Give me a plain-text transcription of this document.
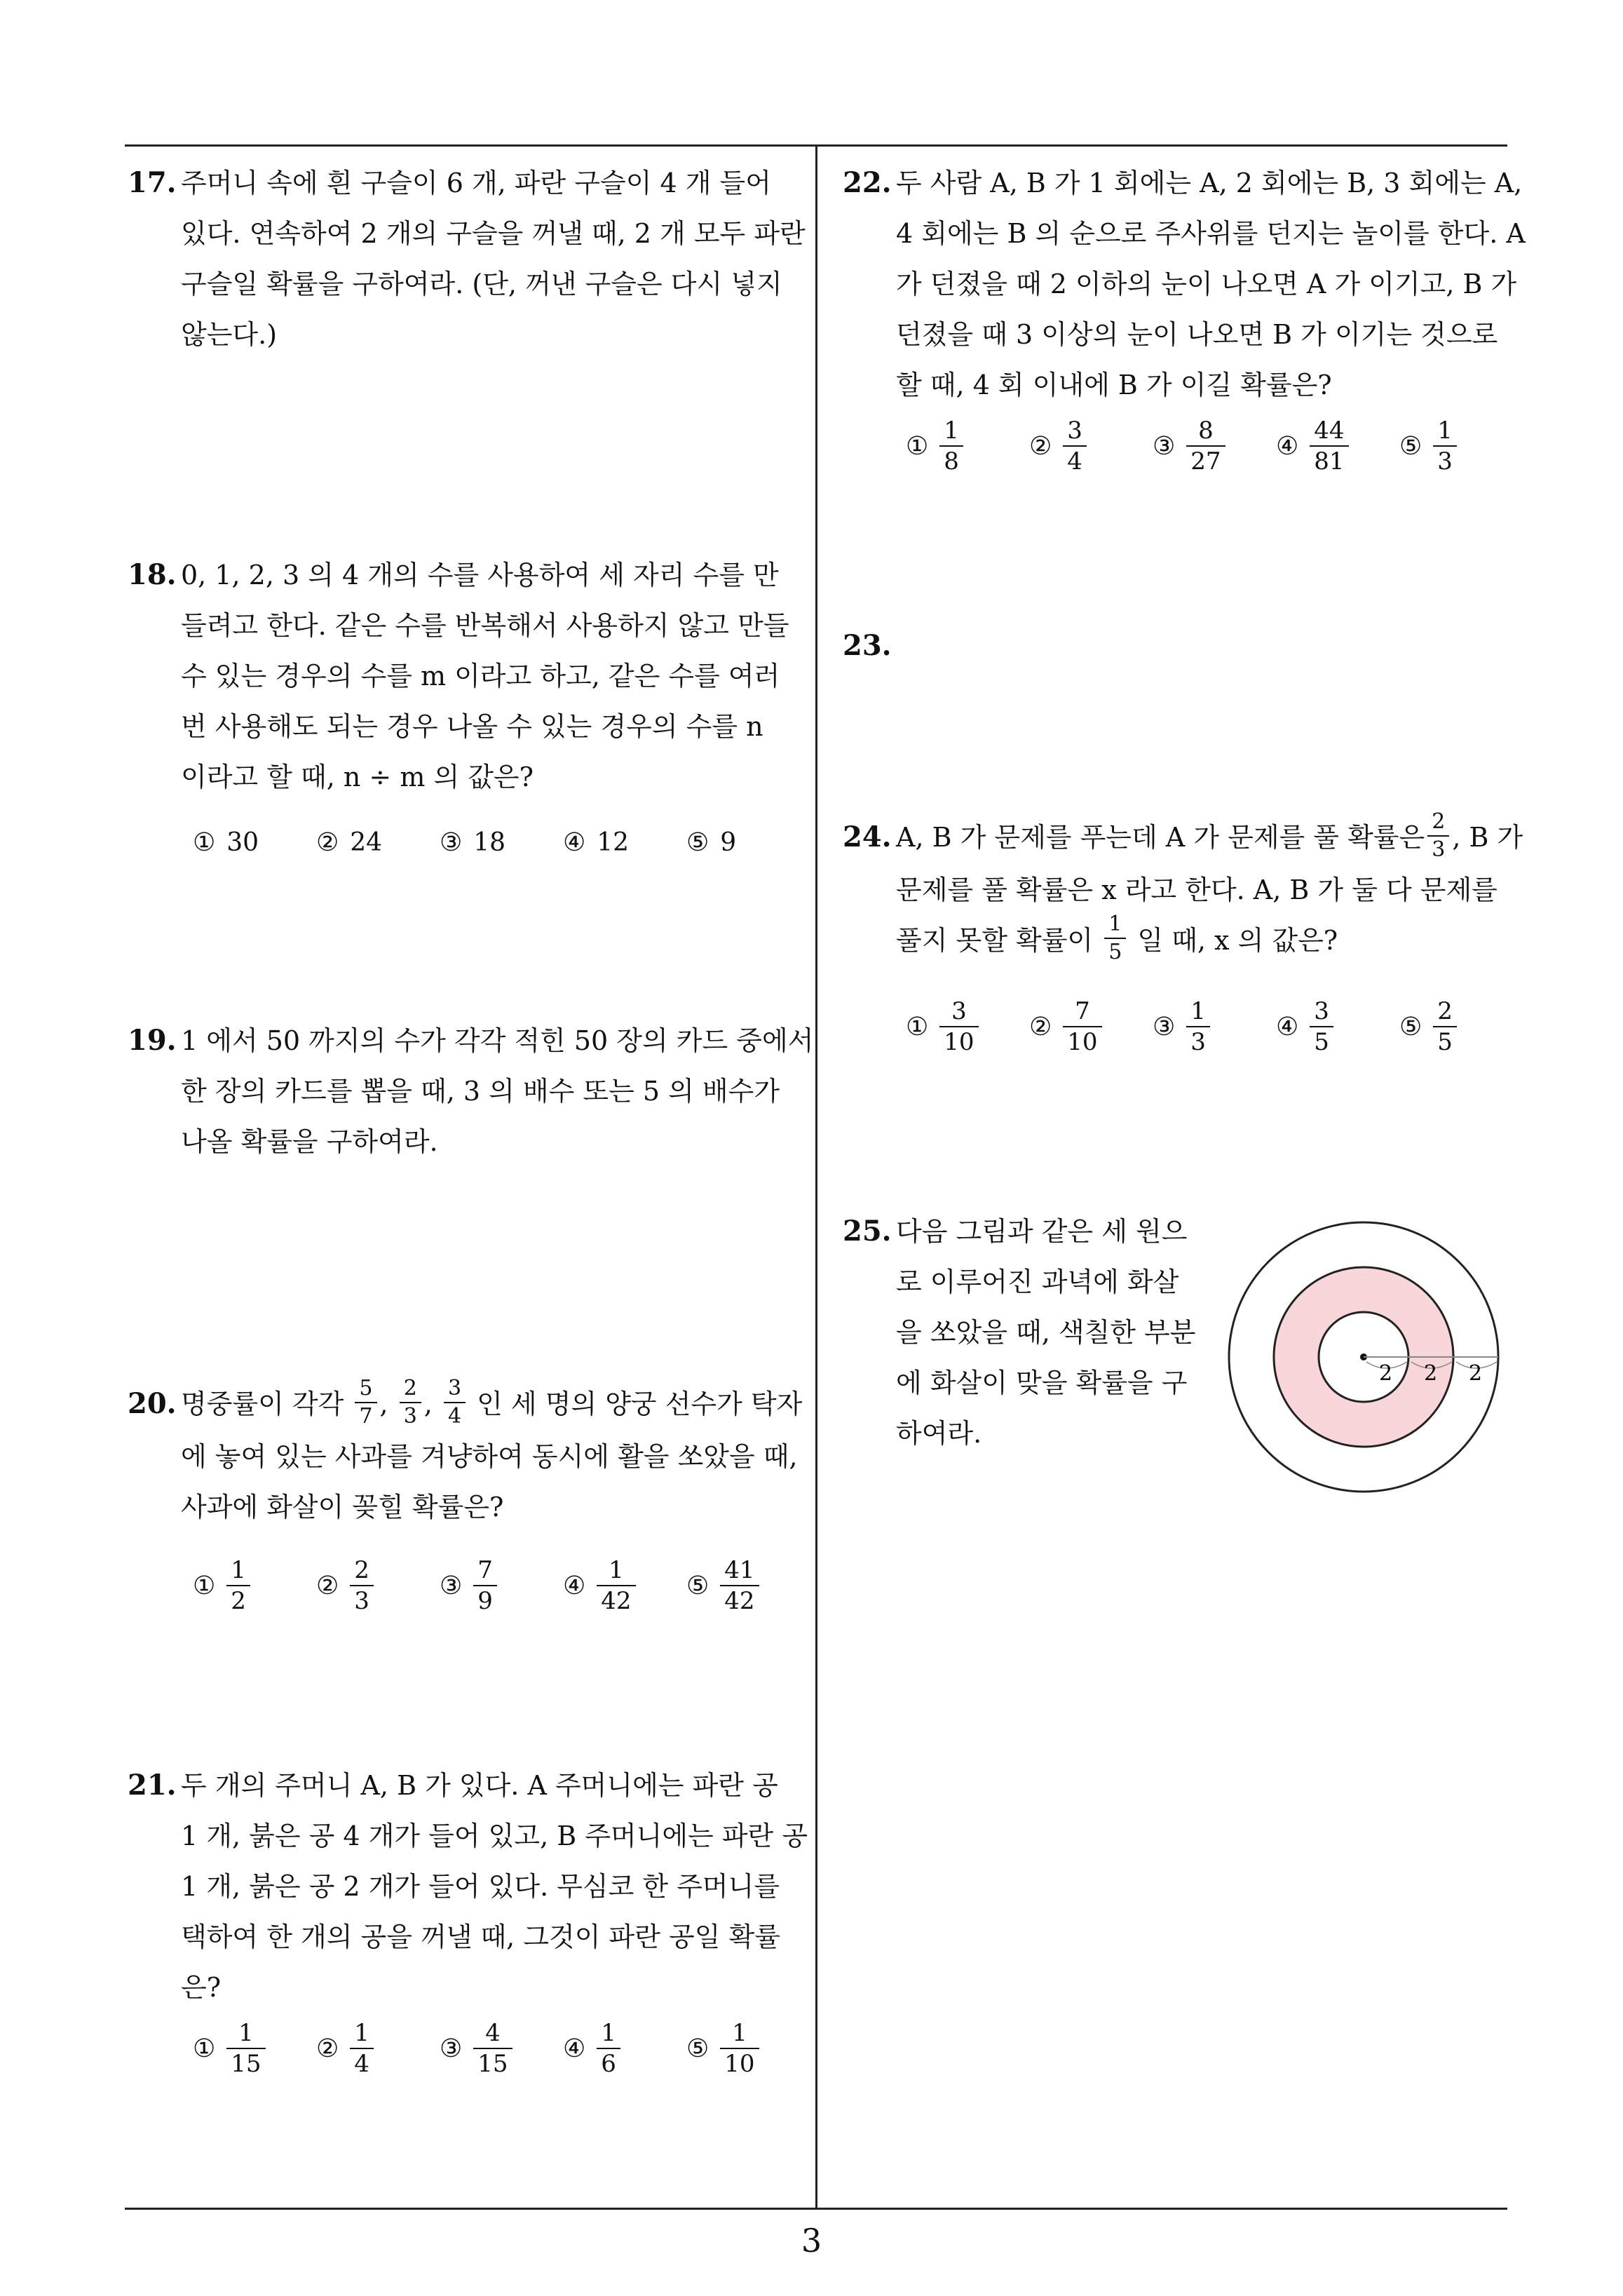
17. 주머니 속에 흰 구슬이 6 개, 파란 구슬이 4 개 들어
있다. 연속하여 2 개의 구슬을 꺼낼 때, 2 개 모두 파란
구슬일 확률을 구하여라. (단, 꺼낸 구슬은 다시 넣지
않는다.)
18. 0, 1, 2, 3 의 4 개의 수를 사용하여 세 자리 수를 만
들려고 한다. 같은 수를 반복해서 사용하지 않고 만들
수 있는 경우의 수를 m 이라고 하고, 같은 수를 여러
번 사용해도 되는 경우 나올 수 있는 경우의 수를 n
이라고 할 때, n ÷ m 의 값은?
① 30 ② 24 ③ 18 ④ 12 ⑤ 9
19. 1 에서 50 까지의 수가 각각 적힌 50 장의 카드 중에서
한 장의 카드를 뽑을 때, 3 의 배수 또는 5 의 배수가
나올 확률을 구하여라.
20. 명중률이 각각 $\frac{5}{7}$ , $\frac{2}{3}$ , $\frac{3}{4}$ 인 세 명의 양궁 선수가 탁자
에 놓여 있는 사과를 겨냥하여 동시에 활을 쏘았을 때,
사과에 화살이 꽂힐 확률은?
① $\frac{1}{2}$	② $\frac{2}{3}$	③ $\frac{7}{9}$	④ $\frac{1}{42}$ ⑤ $\frac{41}{42}$
21. 두 개의 주머니 A, B 가 있다. A 주머니에는 파란 공
1 개, 붉은 공 4 개가 들어 있고, B 주머니에는 파란 공
1 개, 붉은 공 2 개가 들어 있다. 무심코 한 주머니를
택하여 한 개의 공을 꺼낼 때, 그것이 파란 공일 확률
은?
① $\frac{1}{15}$ ② $\frac{1}{4}$	③ $\frac{4}{15}$ ④ $\frac{1}{6}$	⑤ $\frac{1}{10}$
22. 두 사람 A, B 가 1 회에는 A, 2 회에는 B, 3 회에는 A,
4 회에는 B 의 순으로 주사위를 던지는 놀이를 한다. A
가 던졌을 때 2 이하의 눈이 나오면 A 가 이기고, B 가
던졌을 때 3 이상의 눈이 나오면 B 가 이기는 것으로
할 때, 4 회 이내에 B 가 이길 확률은?
① $\frac{1}{8}$	② $\frac{3}{4}$	③ $\frac{8}{27}$ ④ $\frac{44}{81}$ ⑤ $\frac{1}{3}$
23.
24. A, B 가 문제를 푸는데 A 가 문제를 풀 확률은 $\frac{2}{3}$ , B 가
문제를 풀 확률은 x 라고 한다. A, B 가 둘 다 문제를
풀지 못할 확률이 $\frac{1}{5}$ 일 때, x 의 값은?
① $\frac{3}{10}$ ② $\frac{7}{10}$ ③ $\frac{1}{3}$	④ $\frac{3}{5}$	⑤ $\frac{2}{5}$
25. 다음 그림과 같은 세 원으
로 이루어진 과녁에 화살
을 쏘았을 때, 색칠한 부분
에 화살이 맞을 확률을 구
하여라.
2 2 2
3
